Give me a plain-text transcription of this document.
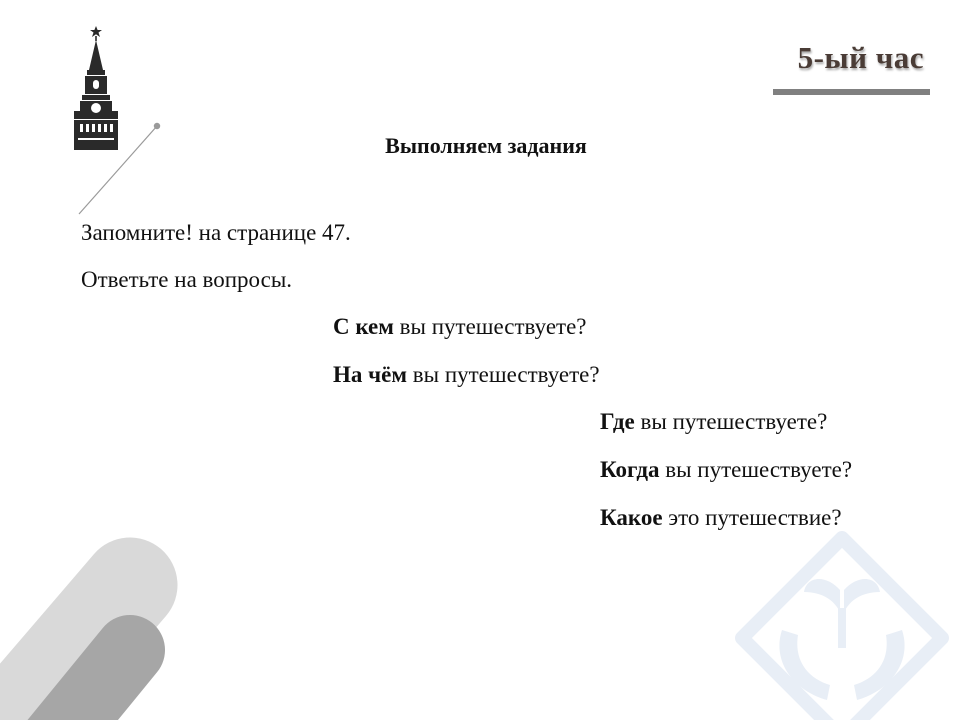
5-ый час
Выполняем задания
Запомните! на странице 47.
Ответьте на вопросы.
С кем вы путешествуете?
На чём вы путешествуете?
Где вы путешествуете?
Когда вы путешествуете?
Какое это путешествие?
